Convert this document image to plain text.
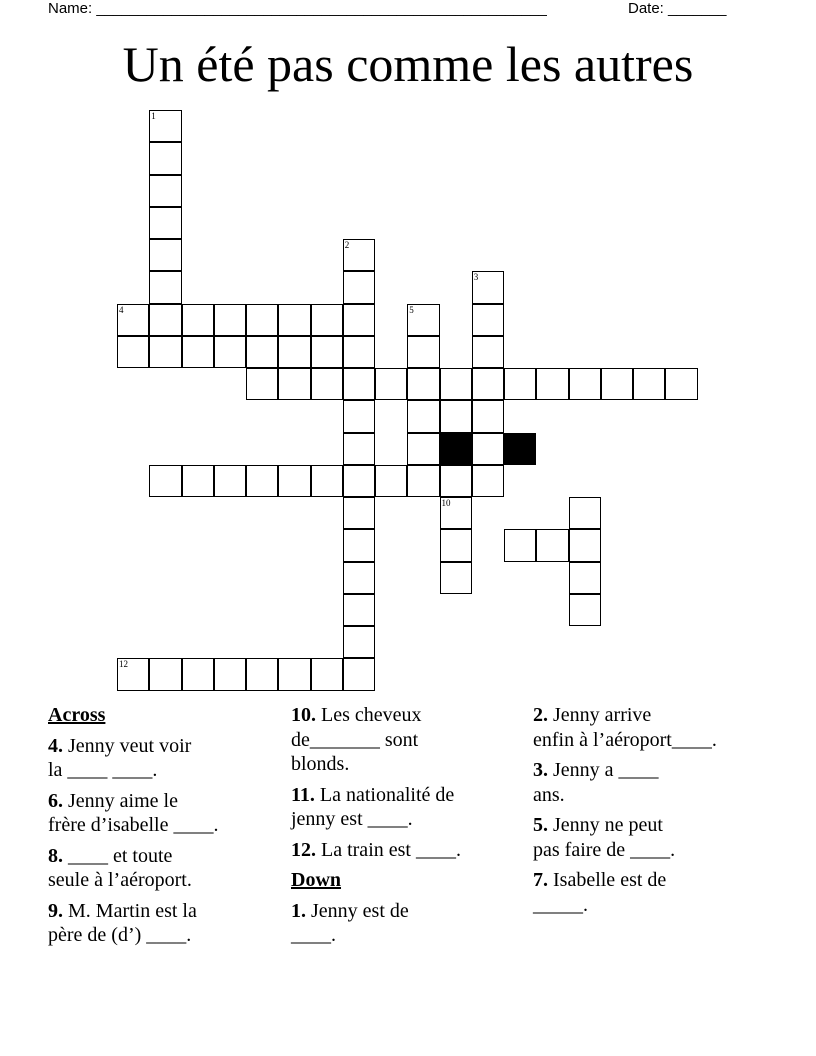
Name: ______________________________________________________	Date: _______
Un été pas comme les autres
1
2
3
4	5
10
12
Across
4. Jenny veut voir
la ____ ____.
6. Jenny aime le
frère d’isabelle ____.
8. ____ et toute
seule à l’aéroport.
9. M. Martin est la
père de (d’) ____.
10. Les cheveux
de_______ sont
blonds.
11. La nationalité de
jenny est ____.
12. La train est ____.
Down
1. Jenny est de
____.
2. Jenny arrive
enfin à l’aéroport____.
3. Jenny a ____
ans.
5. Jenny ne peut
pas faire de ____.
7. Isabelle est de
_____.
